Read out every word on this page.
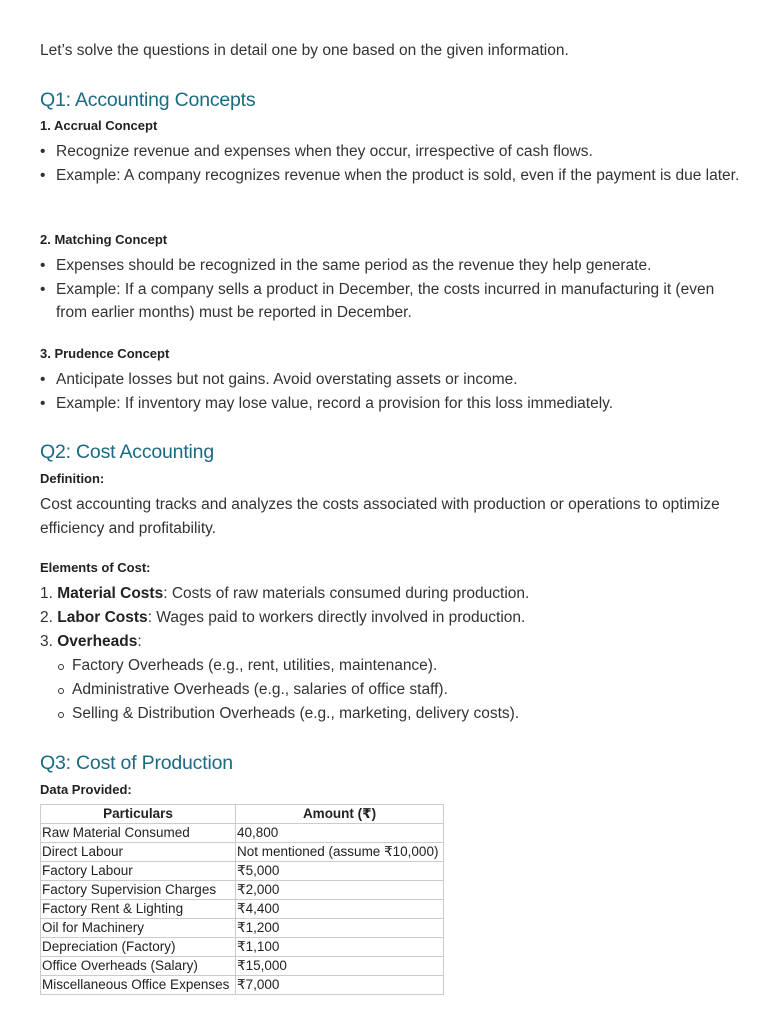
Let’s solve the questions in detail one by one based on the given information.

Q1: Accounting Concepts
1. Accrual Concept
• Recognize revenue and expenses when they occur, irrespective of cash flows.
• Example: A company recognizes revenue when the product is sold, even if the payment is due later.
2. Matching Concept
• Expenses should be recognized in the same period as the revenue they help generate.
• Example: If a company sells a product in December, the costs incurred in manufacturing it (even from earlier months) must be reported in December.
3. Prudence Concept
• Anticipate losses but not gains. Avoid overstating assets or income.
• Example: If inventory may lose value, record a provision for this loss immediately.
Q2: Cost Accounting
Definition:

Cost accounting tracks and analyzes the costs associated with production or operations to optimize efficiency and profitability.

Elements of Cost:
1. Material Costs: Costs of raw materials consumed during production.
2. Labor Costs: Wages paid to workers directly involved in production.
3. Overheads:
Factory Overheads (e.g., rent, utilities, maintenance).
Administrative Overheads (e.g., salaries of office staff).
Selling & Distribution Overheads (e.g., marketing, delivery costs).
Q3: Cost of Production
Data Provided:
Particulars	Amount (₹)
Raw Material Consumed	40,800
Direct Labour	Not mentioned (assume ₹10,000)
Factory Labour	₹5,000
Factory Supervision Charges	₹2,000
Factory Rent & Lighting	₹4,400
Oil for Machinery	₹1,200
Depreciation (Factory)	₹1,100
Office Overheads (Salary)	₹15,000
Miscellaneous Office Expenses	₹7,000
